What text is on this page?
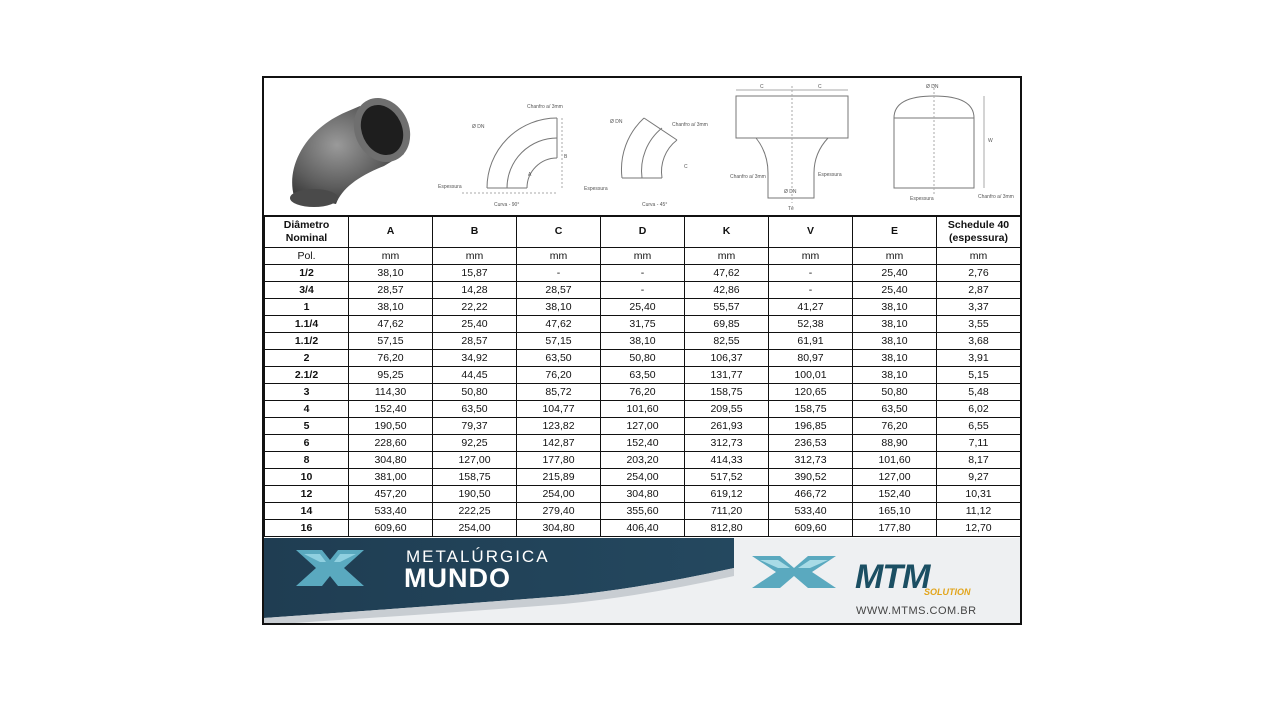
Ø DN
Chanfro a/ 3mm
Espessura
A
B
Curva - 90°
Ø DN	Chanfro a/ 3mm
Espessura
C
Curva - 45°
C	C
Ø DN
Chanfro a/ 3mm	Espessura
Tê
Ø DN
W
Espessura	Chanfro a/ 3mm
Diâmetro Nominal	A	B	C	D	K	V	E	Schedule 40 (espessura)
Pol.	mm	mm	mm	mm	mm	mm	mm	mm
1/2	38,10	15,87	-	-	47,62	-	25,40	2,76
3/4	28,57	14,28	28,57	-	42,86	-	25,40	2,87
1	38,10	22,22	38,10	25,40	55,57	41,27	38,10	3,37
1.1/4	47,62	25,40	47,62	31,75	69,85	52,38	38,10	3,55
1.1/2	57,15	28,57	57,15	38,10	82,55	61,91	38,10	3,68
2	76,20	34,92	63,50	50,80	106,37	80,97	38,10	3,91
2.1/2	95,25	44,45	76,20	63,50	131,77	100,01	38,10	5,15
3	114,30	50,80	85,72	76,20	158,75	120,65	50,80	5,48
4	152,40	63,50	104,77	101,60	209,55	158,75	63,50	6,02
5	190,50	79,37	123,82	127,00	261,93	196,85	76,20	6,55
6	228,60	92,25	142,87	152,40	312,73	236,53	88,90	7,11
8	304,80	127,00	177,80	203,20	414,33	312,73	101,60	8,17
10	381,00	158,75	215,89	254,00	517,52	390,52	127,00	9,27
12	457,20	190,50	254,00	304,80	619,12	466,72	152,40	10,31
14	533,40	222,25	279,40	355,60	711,20	533,40	165,10	11,12
16	609,60	254,00	304,80	406,40	812,80	609,60	177,80	12,70
METALÚRGICA
MUNDO	MTM
SOLUTION
WWW.MTMS.COM.BR
